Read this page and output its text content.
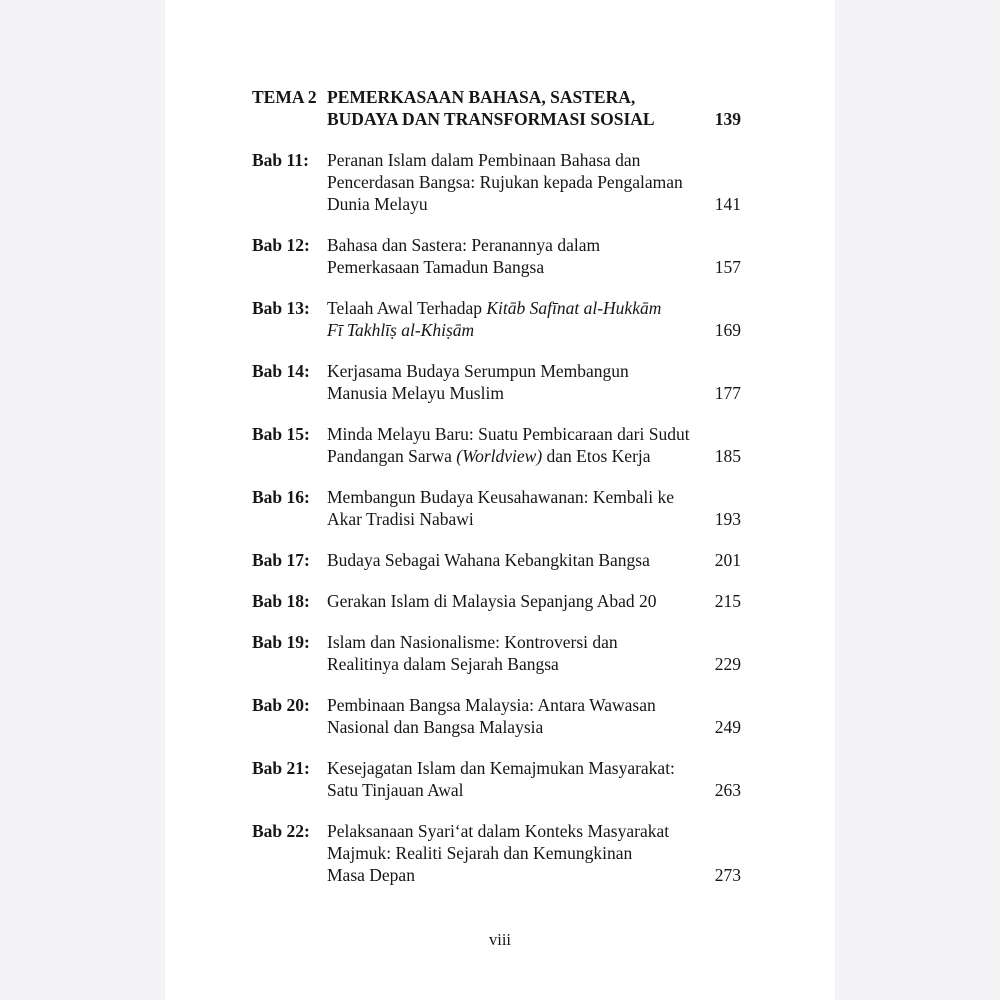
TEMA 2 PEMERKASAAN BAHASA, SASTERA,
BUDAYA DAN TRANSFORMASI SOSIAL	139
Bab 11:	Peranan Islam dalam Pembinaan Bahasa dan
Pencerdasan Bangsa: Rujukan kepada Pengalaman
Dunia Melayu	141
Bab 12: Bahasa dan Sastera: Peranannya dalam
Pemerkasaan Tamadun Bangsa	157
Bab 13: Telaah Awal Terhadap Kitāb Safīnat al-Hukkām
Fī Takhlīṣ al-Khiṣām	169
Bab 14: Kerjasama Budaya Serumpun Membangun
Manusia Melayu Muslim	177
Bab 15: Minda Melayu Baru: Suatu Pembicaraan dari Sudut
Pandangan Sarwa (Worldview) dan Etos Kerja	185
Bab 16: Membangun Budaya Keusahawanan: Kembali ke
Akar Tradisi Nabawi	193
Bab 17: Budaya Sebagai Wahana Kebangkitan Bangsa	201
Bab 18: Gerakan Islam di Malaysia Sepanjang Abad 20	215
Bab 19: Islam dan Nasionalisme: Kontroversi dan
Realitinya dalam Sejarah Bangsa	229
Bab 20: Pembinaan Bangsa Malaysia: Antara Wawasan
Nasional dan Bangsa Malaysia	249
Bab 21: Kesejagatan Islam dan Kemajmukan Masyarakat:
Satu Tinjauan Awal	263
Bab 22: Pelaksanaan Syari‘at dalam Konteks Masyarakat
Majmuk: Realiti Sejarah dan Kemungkinan
Masa Depan	273
viii
